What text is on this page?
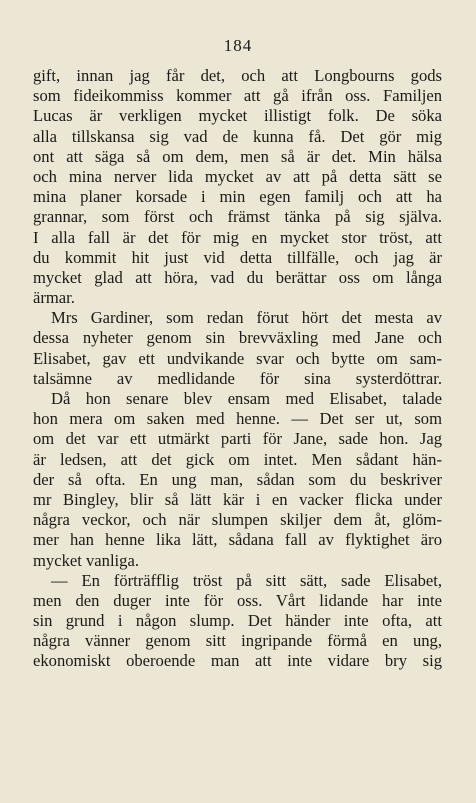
184
gift, innan jag får det, och att Longbourns gods
som fideikommiss kommer att gå ifrån oss. Familjen
Lucas är verkligen mycket illistigt folk. De söka
alla tillskansa sig vad de kunna få. Det gör mig
ont att säga så om dem, men så är det. Min hälsa
och mina nerver lida mycket av att på detta sätt se
mina planer korsade i min egen familj och att ha
grannar, som först och främst tänka på sig själva.
I alla fall är det för mig en mycket stor tröst, att
du kommit hit just vid detta tillfälle, och jag är
mycket glad att höra, vad du berättar oss om långa
ärmar.
Mrs Gardiner, som redan förut hört det mesta av
dessa nyheter genom sin brevväxling med Jane och
Elisabet, gav ett undvikande svar och bytte om sam-
talsämne av medlidande för sina systerdöttrar.
Då hon senare blev ensam med Elisabet, talade
hon mera om saken med henne. — Det ser ut, som
om det var ett utmärkt parti för Jane, sade hon. Jag
är ledsen, att det gick om intet. Men sådant hän-
der så ofta. En ung man, sådan som du beskriver
mr Bingley, blir så lätt kär i en vacker flicka under
några veckor, och när slumpen skiljer dem åt, glöm-
mer han henne lika lätt, sådana fall av flyktighet äro
mycket vanliga.
— En förträfflig tröst på sitt sätt, sade Elisabet,
men den duger inte för oss. Vårt lidande har inte
sin grund i någon slump. Det händer inte ofta, att
några vänner genom sitt ingripande förmå en ung,
ekonomiskt oberoende man att inte vidare bry sig
